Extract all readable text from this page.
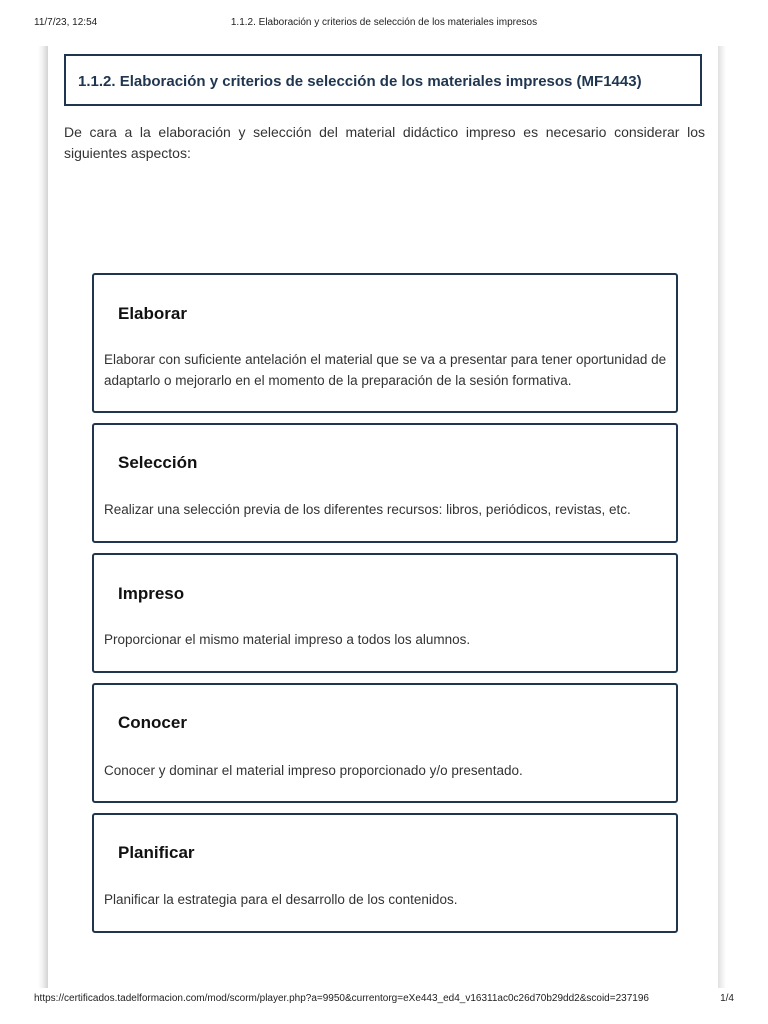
11/7/23, 12:54	1.1.2. Elaboración y criterios de selección de los materiales impresos
1.1.2. Elaboración y criterios de selección de los materiales impresos (MF1443)

De cara a la elaboración y selección del material didáctico impreso es necesario considerar los siguientes aspectos:

Elaborar

Elaborar con suficiente antelación el material que se va a presentar para tener oportunidad de adaptarlo o mejorarlo en el momento de la preparación de la sesión formativa.

Selección

Realizar una selección previa de los diferentes recursos: libros, periódicos, revistas, etc.

Impreso

Proporcionar el mismo material impreso a todos los alumnos.

Conocer

Conocer y dominar el material impreso proporcionado y/o presentado.

Planificar

Planificar la estrategia para el desarrollo de los contenidos.

https://certificados.tadelformacion.com/mod/scorm/player.php?a=9950&currentorg=eXe443_ed4_v16311ac0c26d70b29dd2&scoid=237196	1/4
